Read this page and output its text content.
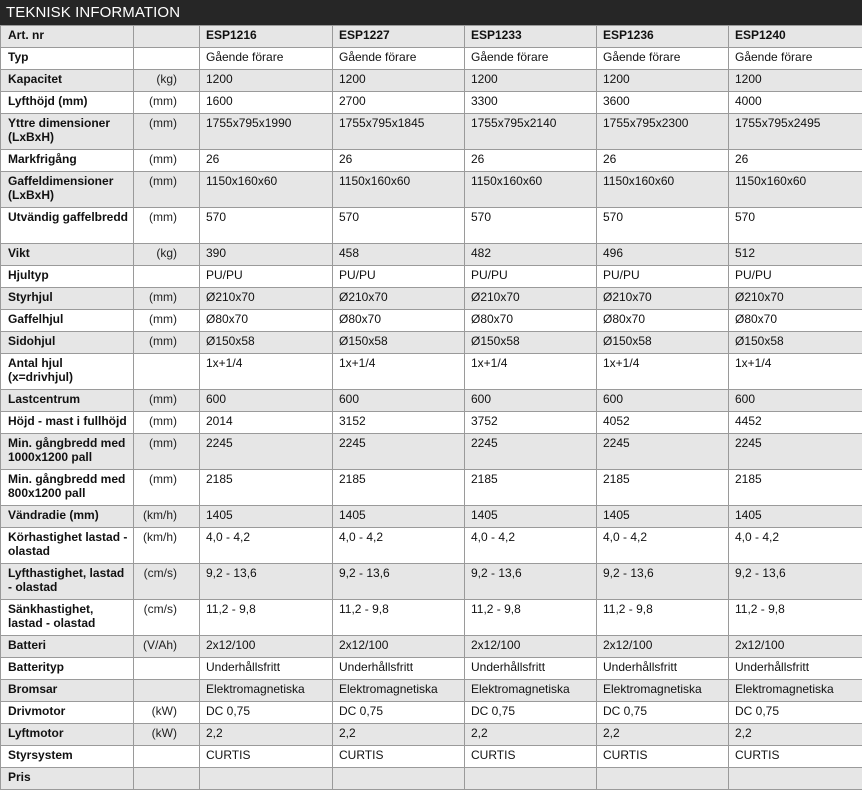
TEKNISK INFORMATION
Art. nr		ESP1216	ESP1227	ESP1233	ESP1236	ESP1240
Typ		Gående förare	Gående förare	Gående förare	Gående förare	Gående förare
Kapacitet	(kg)	1200	1200	1200	1200	1200
Lyfthöjd (mm)	(mm)	1600	2700	3300	3600	4000
Yttre dimensioner (LxBxH)	(mm)	1755x795x1990	1755x795x1845	1755x795x2140	1755x795x2300	1755x795x2495
Markfrigång	(mm)	26	26	26	26	26
Gaffeldimensioner (LxBxH)	(mm)	1150x160x60	1150x160x60	1150x160x60	1150x160x60	1150x160x60
Utvändig gaffelbredd	(mm)	570	570	570	570	570
Vikt	(kg)	390	458	482	496	512
Hjultyp		PU/PU	PU/PU	PU/PU	PU/PU	PU/PU
Styrhjul	(mm)	Ø210x70	Ø210x70	Ø210x70	Ø210x70	Ø210x70
Gaffelhjul	(mm)	Ø80x70	Ø80x70	Ø80x70	Ø80x70	Ø80x70
Sidohjul	(mm)	Ø150x58	Ø150x58	Ø150x58	Ø150x58	Ø150x58
Antal hjul (x=drivhjul)		1x+1/4	1x+1/4	1x+1/4	1x+1/4	1x+1/4
Lastcentrum	(mm)	600	600	600	600	600
Höjd - mast i fullhöjd	(mm)	2014	3152	3752	4052	4452
Min. gångbredd med 1000x1200 pall	(mm)	2245	2245	2245	2245	2245
Min. gångbredd med 800x1200 pall	(mm)	2185	2185	2185	2185	2185
Vändradie (mm)	(km/h)	1405	1405	1405	1405	1405
Körhastighet lastad - olastad	(km/h)	4,0 - 4,2	4,0 - 4,2	4,0 - 4,2	4,0 - 4,2	4,0 - 4,2
Lyfthastighet, lastad - olastad	(cm/s)	9,2 - 13,6	9,2 - 13,6	9,2 - 13,6	9,2 - 13,6	9,2 - 13,6
Sänkhastighet, lastad - olastad	(cm/s)	11,2 - 9,8	11,2 - 9,8	11,2 - 9,8	11,2 - 9,8	11,2 - 9,8
Batteri	(V/Ah)	2x12/100	2x12/100	2x12/100	2x12/100	2x12/100
Batterityp		Underhållsfritt	Underhållsfritt	Underhållsfritt	Underhållsfritt	Underhållsfritt
Bromsar		Elektromagnetiska	Elektromagnetiska	Elektromagnetiska	Elektromagnetiska	Elektromagnetiska
Drivmotor	(kW)	DC 0,75	DC 0,75	DC 0,75	DC 0,75	DC 0,75
Lyftmotor	(kW)	2,2	2,2	2,2	2,2	2,2
Styrsystem		CURTIS	CURTIS	CURTIS	CURTIS	CURTIS
Pris						
